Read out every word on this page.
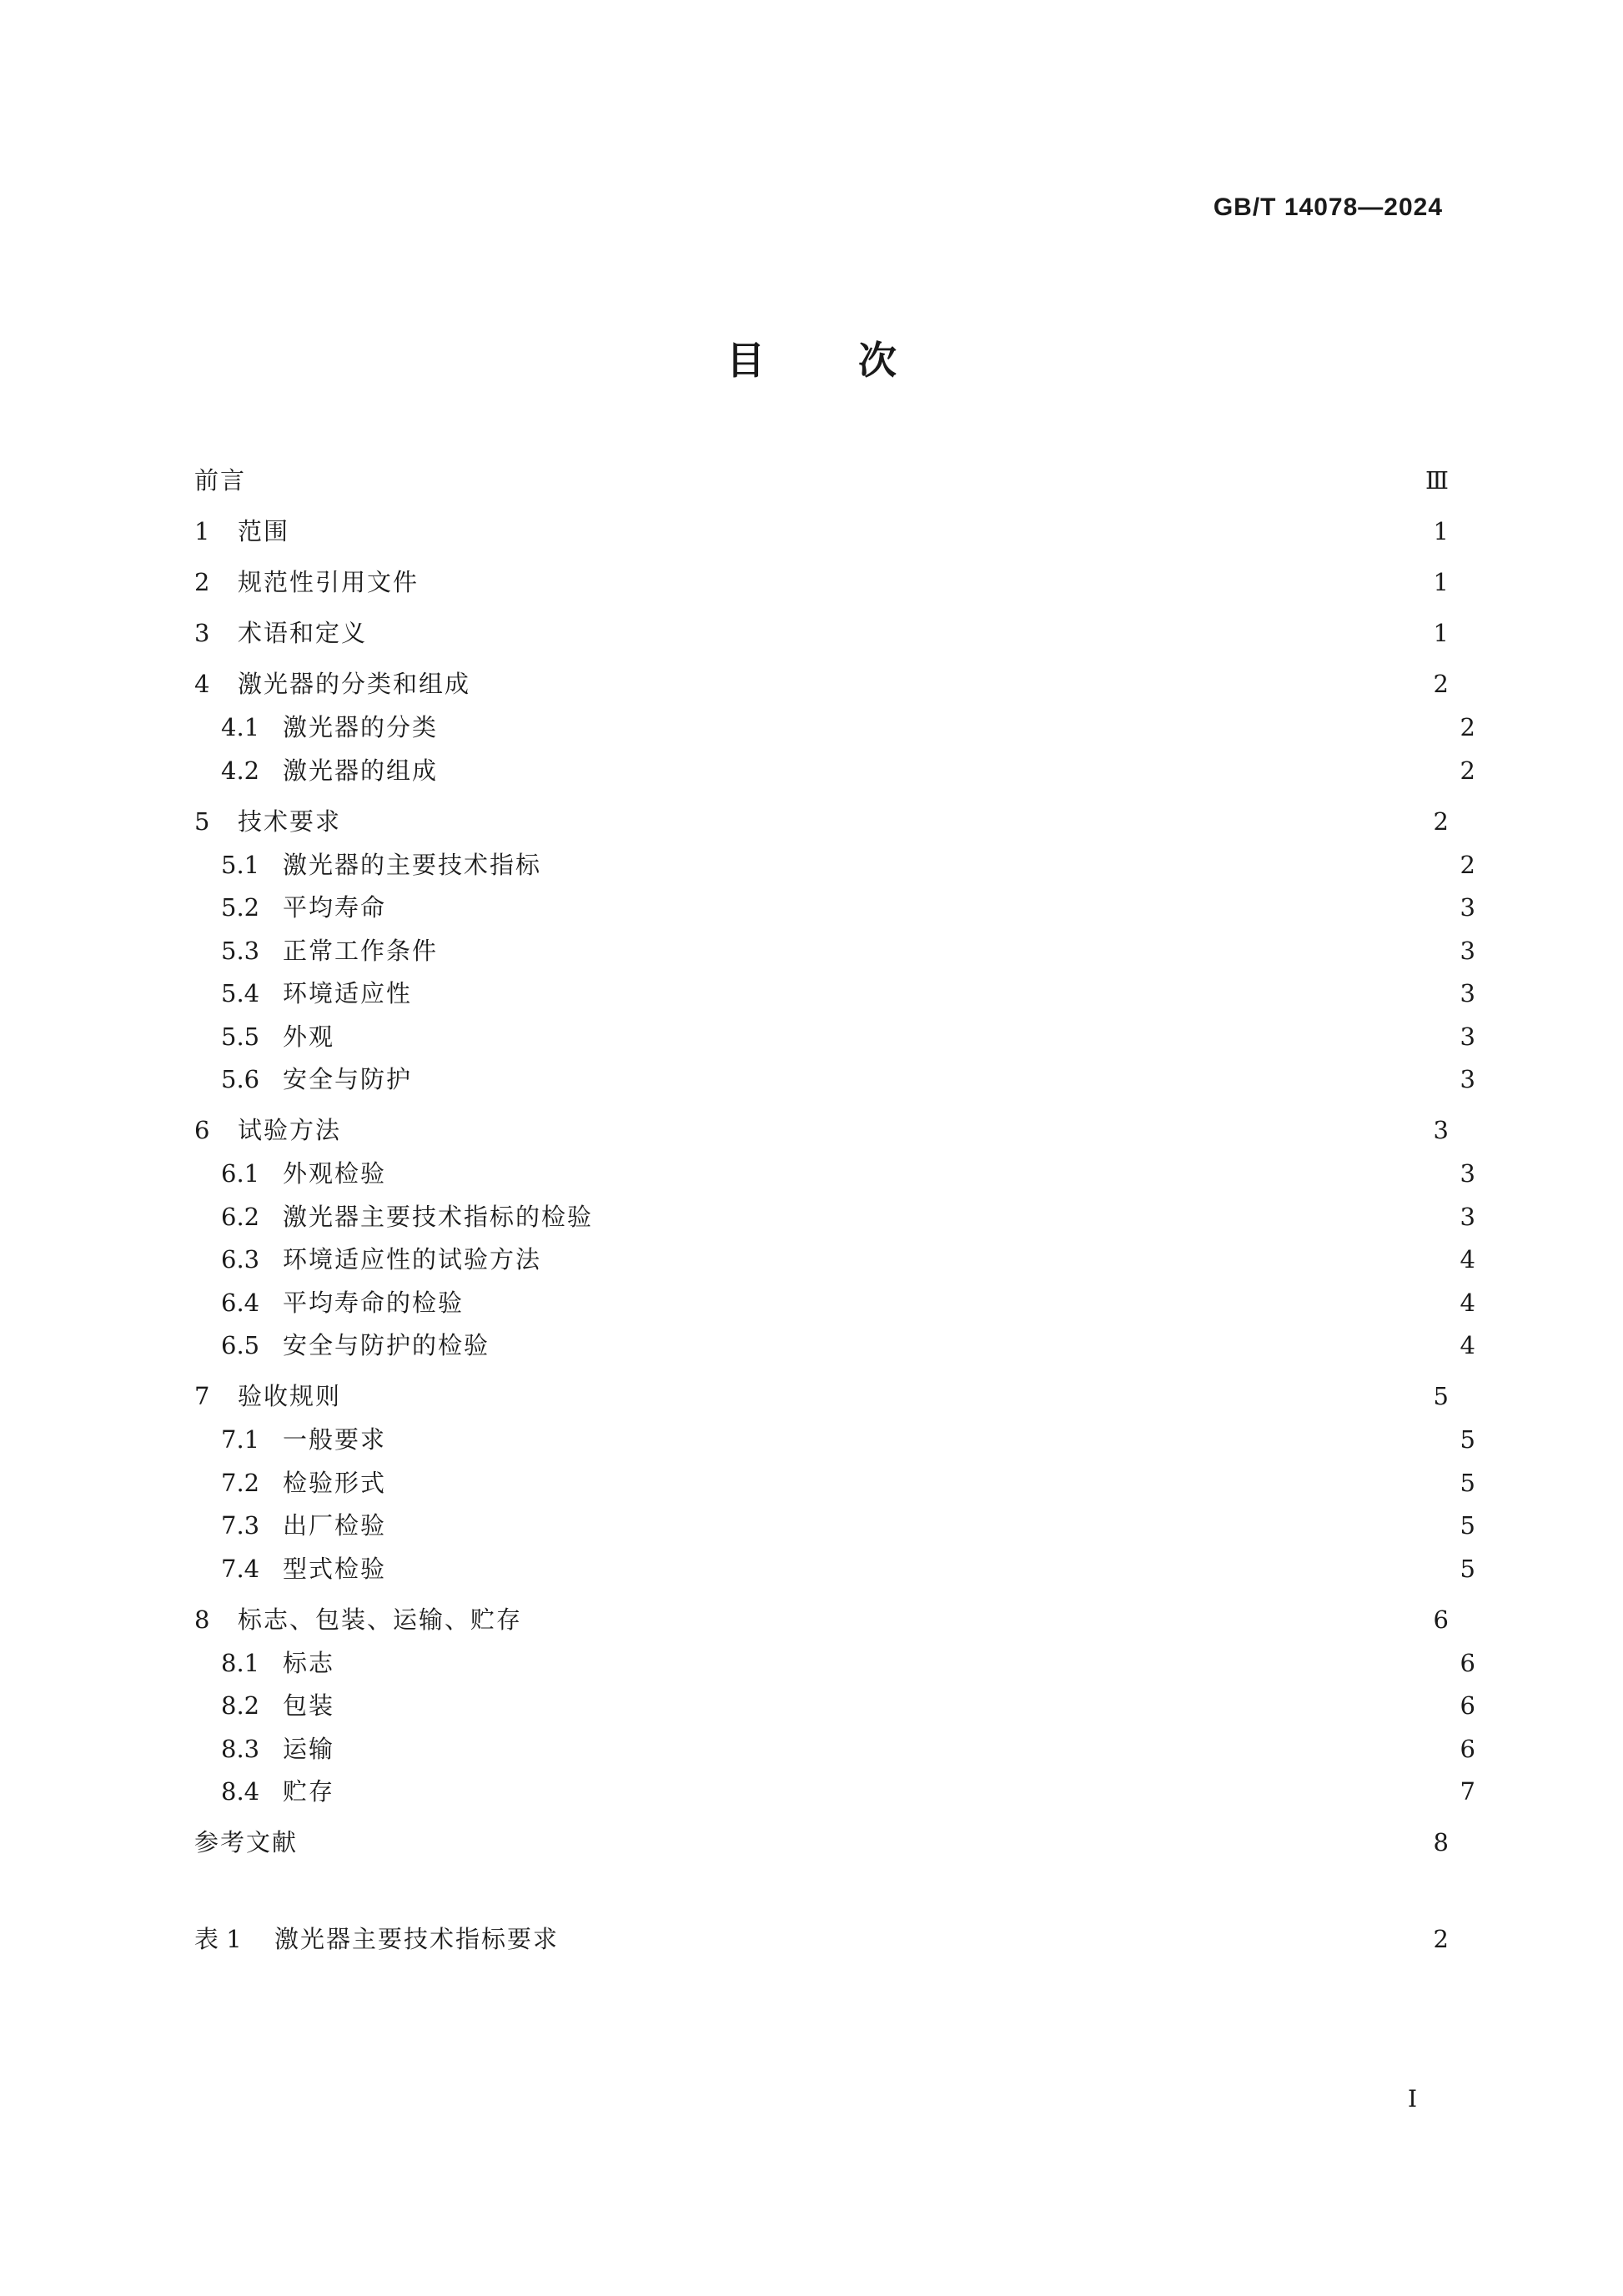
GB/T 14078—2024
目 次
前言	Ⅲ
1	范围	1
2	规范性引用文件	1
3	术语和定义	1
4	激光器的分类和组成	2
4.1 激光器的分类	2
4.2 激光器的组成	2
5	技术要求	2
5.1 激光器的主要技术指标	2
5.2 平均寿命	3
5.3 正常工作条件	3
5.4 环境适应性	3
5.5 外观	3
5.6 安全与防护	3
6	试验方法	3
6.1 外观检验	3
6.2 激光器主要技术指标的检验	3
6.3 环境适应性的试验方法	4
6.4 平均寿命的检验	4
6.5 安全与防护的检验	4
7	验收规则	5
7.1 一般要求	5
7.2 检验形式	5
7.3 出厂检验	5
7.4 型式检验	5
8	标志、包装、运输、贮存	6
8.1 标志	6
8.2 包装	6
8.3 运输	6
8.4 贮存	7
参考文献	8
表 1	激光器主要技术指标要求	2
Ⅰ
